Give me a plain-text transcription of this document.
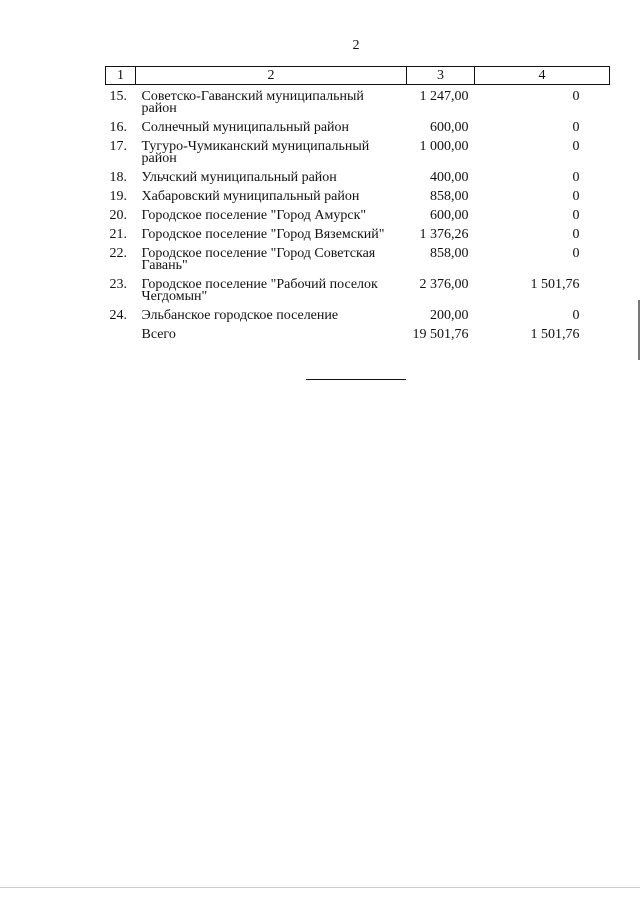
2
1	2	3	4
15.	Советско-Гаванский муниципальный район	1 247,00	0
16.	Солнечный муниципальный район	600,00	0
17.	Тугуро-Чумиканский муниципальный район	1 000,00	0
18.	Ульчский муниципальный район	400,00	0
19.	Хабаровский муниципальный район	858,00	0
20.	Городское поселение "Город Амурск"	600,00	0
21.	Городское поселение "Город Вяземский"	1 376,26	0
22.	Городское поселение "Город Советская Гавань"	858,00	0
23.	Городское поселение "Рабочий поселок Чегдомын"	2 376,00	1 501,76
24.	Эльбанское городское поселение	200,00	0
	Всего	19 501,76	1 501,76
